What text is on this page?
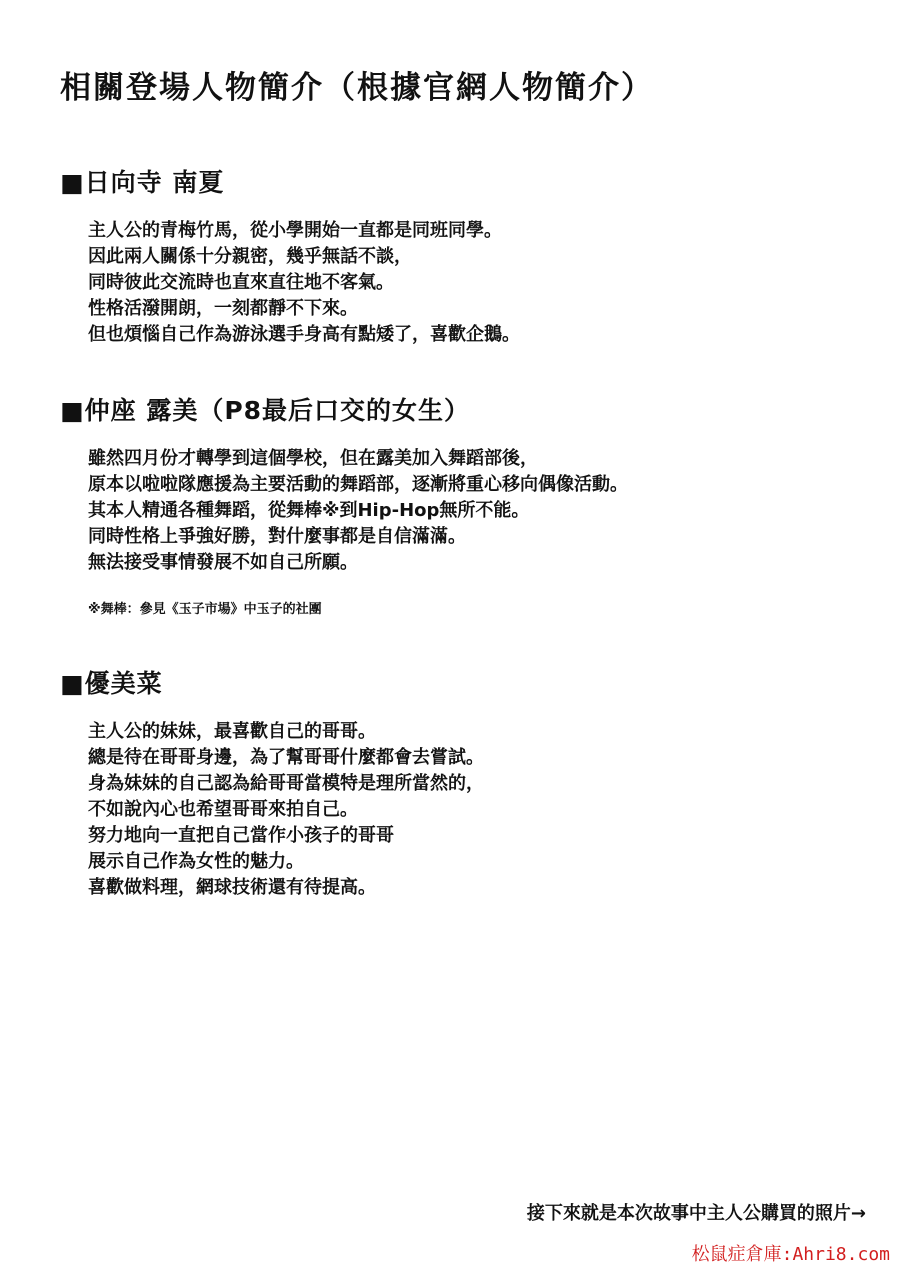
相關登場人物簡介（根據官網人物簡介）
■日向寺 南夏
主人公的青梅竹馬，從小學開始一直都是同班同學。
因此兩人關係十分親密，幾乎無話不談，
同時彼此交流時也直來直往地不客氣。
性格活潑開朗，一刻都靜不下來。
但也煩惱自己作為游泳選手身高有點矮了，喜歡企鵝。
■仲座 露美（P8最后口交的女生）
雖然四月份才轉學到這個學校，但在露美加入舞蹈部後，
原本以啦啦隊應援為主要活動的舞蹈部，逐漸將重心移向偶像活動。
其本人精通各種舞蹈，從舞棒※到Hip-Hop無所不能。
同時性格上爭強好勝，對什麼事都是自信滿滿。
無法接受事情發展不如自己所願。

※舞棒：參見《玉子市場》中玉子的社團

■優美菜
主人公的妹妹，最喜歡自己的哥哥。
總是待在哥哥身邊，為了幫哥哥什麼都會去嘗試。
身為妹妹的自己認為給哥哥當模特是理所當然的，
不如說內心也希望哥哥來拍自己。
努力地向一直把自己當作小孩子的哥哥
展示自己作為女性的魅力。
喜歡做料理，網球技術還有待提高。
接下來就是本次故事中主人公購買的照片→
松鼠症倉庫:Ahri8.com
